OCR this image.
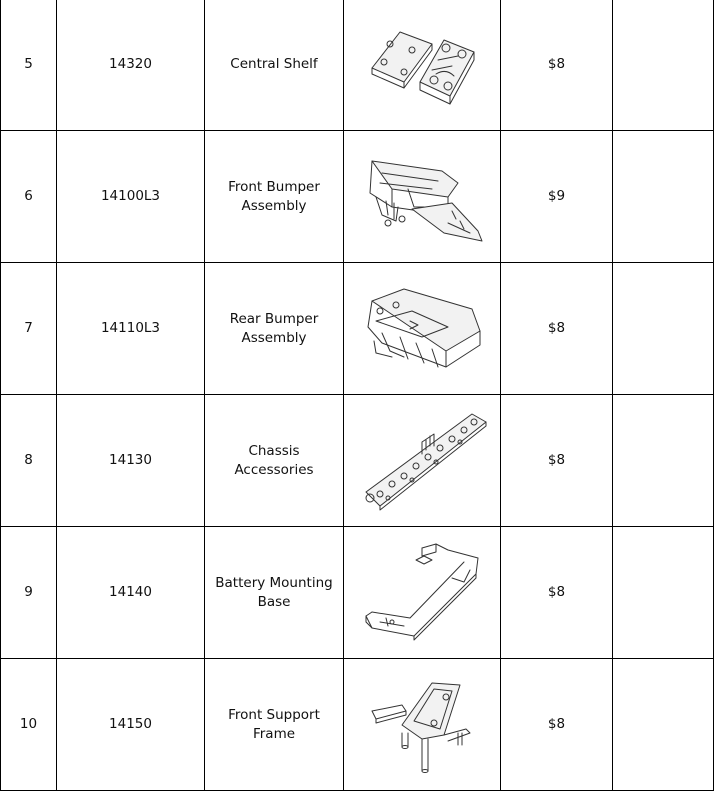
5	14320	Central Shelf		$8	
6	14100L3	Front Bumper Assembly		$9	
7	14110L3	Rear Bumper Assembly		$8	
8	14130	Chassis Accessories		$8	
9	14140	Battery Mounting Base		$8	
10	14150	Front Support Frame		$8	
